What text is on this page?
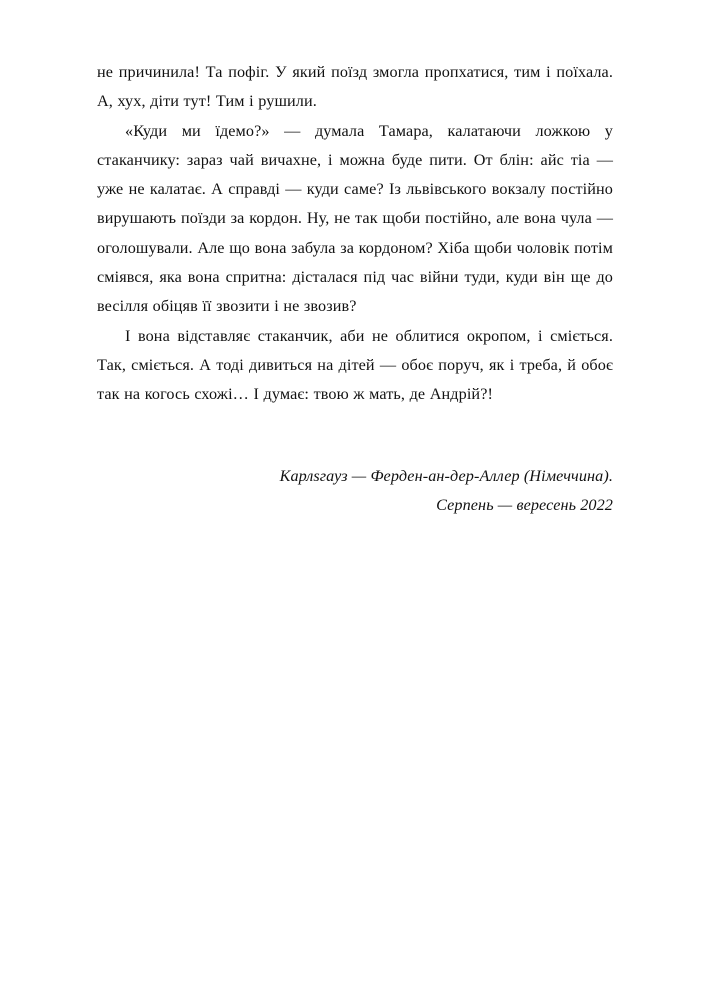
не причинила! Та пофіг. У який поїзд змогла пропхатися, тим і поїхала. А, хух, діти тут! Тим і рушили.

«Куди ми їдемо?» — думала Тамара, калатаючи ложкою у стаканчику: зараз чай вичахне, і можна буде пити. От блін: айс тіа — уже не калатає. А справді — куди саме? Із львівського вокзалу постійно вирушають поїзди за кордон. Ну, не так щоби постійно, але вона чула — оголошували. Але що вона забула за кордоном? Хіба щоби чоловік потім сміявся, яка вона спритна: дісталася під час війни туди, куди він ще до весілля обіцяв її звозити і не звозив?

І вона відставляє стаканчик, аби не облитися окропом, і сміється. Так, сміється. А тоді дивиться на дітей — обоє поруч, як і треба, й обоє так на когось схожі… І думає: твою ж мать, де Андрій?!

Карлsгауз — Ферден-ан-дер-Аллер (Німеччина).
Серпень — вересень 2022
